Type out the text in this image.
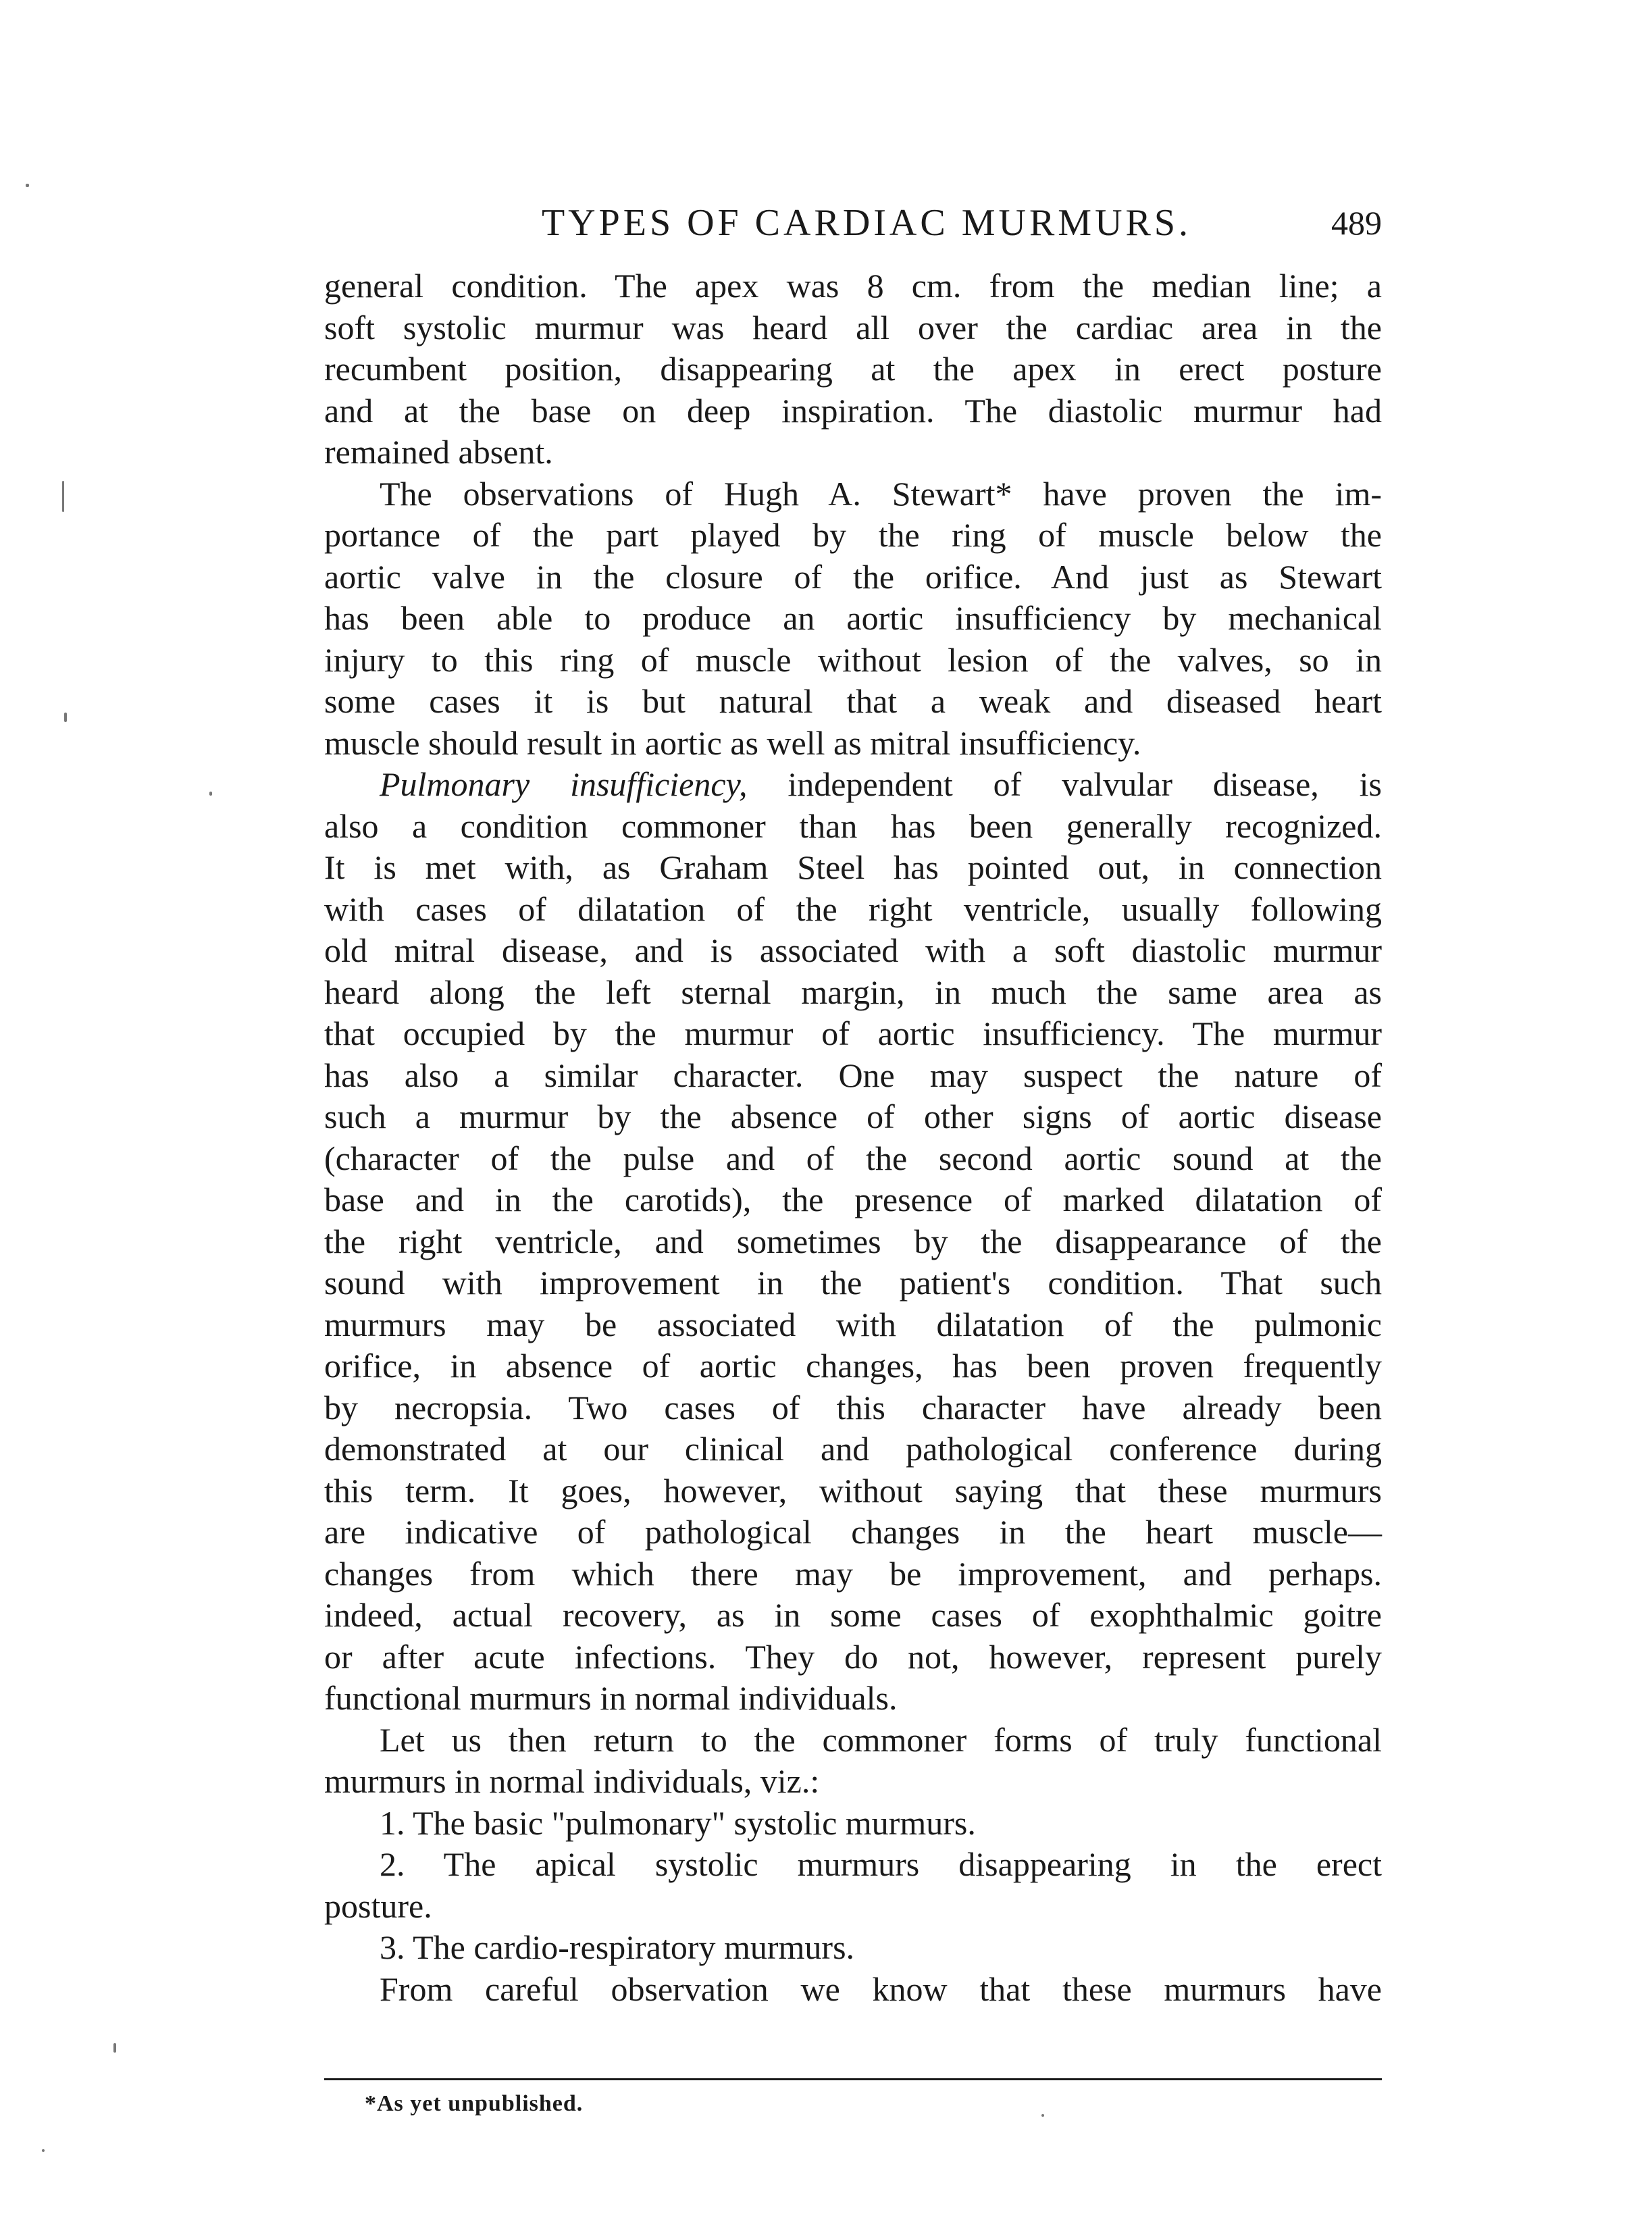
TYPES OF CARDIAC MURMURS.	489
general condition. The apex was 8 cm. from the median line; a
soft systolic murmur was heard all over the cardiac area in the
recumbent position, disappearing at the apex in erect posture
and at the base on deep inspiration. The diastolic murmur had
remained absent.
The observations of Hugh A. Stewart* have proven the im-
portance of the part played by the ring of muscle below the
aortic valve in the closure of the orifice. And just as Stewart
has been able to produce an aortic insufficiency by mechanical
injury to this ring of muscle without lesion of the valves, so in
some cases it is but natural that a weak and diseased heart
muscle should result in aortic as well as mitral insufficiency.
Pulmonary insufficiency, independent of valvular disease, is
also a condition commoner than has been generally recognized.
It is met with, as Graham Steel has pointed out, in connection
with cases of dilatation of the right ventricle, usually following
old mitral disease, and is associated with a soft diastolic murmur
heard along the left sternal margin, in much the same area as
that occupied by the murmur of aortic insufficiency. The murmur
has also a similar character. One may suspect the nature of
such a murmur by the absence of other signs of aortic disease
(character of the pulse and of the second aortic sound at the
base and in the carotids), the presence of marked dilatation of
the right ventricle, and sometimes by the disappearance of the
sound with improvement in the patient's condition. That such
murmurs may be associated with dilatation of the pulmonic
orifice, in absence of aortic changes, has been proven frequently
by necropsia. Two cases of this character have already been
demonstrated at our clinical and pathological conference during
this term. It goes, however, without saying that these murmurs
are indicative of pathological changes in the heart muscle—
changes from which there may be improvement, and perhaps.
indeed, actual recovery, as in some cases of exophthalmic goitre
or after acute infections. They do not, however, represent purely
functional murmurs in normal individuals.
Let us then return to the commoner forms of truly functional
murmurs in normal individuals, viz.:
1. The basic "pulmonary" systolic murmurs.
2. The apical systolic murmurs disappearing in the erect
posture.
3. The cardio-respiratory murmurs.
From careful observation we know that these murmurs have
*As yet unpublished.
